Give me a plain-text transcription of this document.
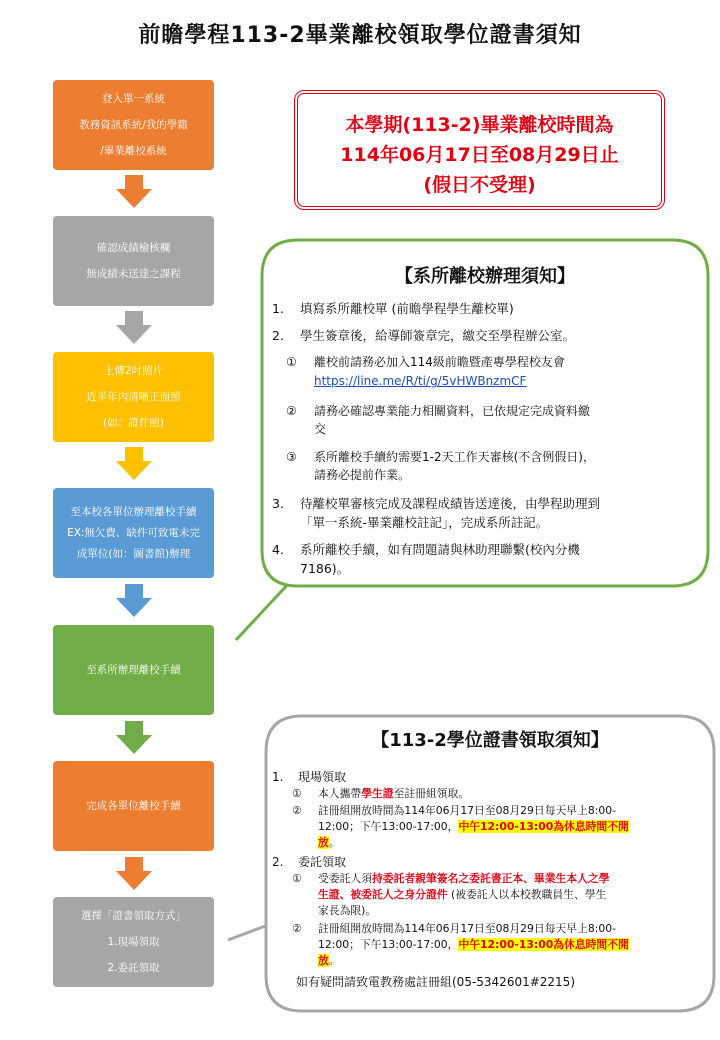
前瞻學程113-2畢業離校領取學位證書須知
登入單一系統
教務資訊系統/我的學籍
/畢業離校系統
確認成績檢核欄
無成績未送達之課程
上傳2吋照片
近半年內清晰正面照
(如：證件照)
至本校各單位辦理離校手續
EX:無欠費、缺件可致電未完
成單位(如：圖書館)辦理
至系所辦理離校手續
完成各單位離校手續
選擇「證書領取方式」
1.現場領取
2.委託領取
本學期(113-2)畢業離校時間為
114年06月17日至08月29日止
(假日不受理)
【系所離校辦理須知】
1. 填寫系所離校單 (前瞻學程學生離校單)
2. 學生簽章後，給導師簽章完，繳交至學程辦公室。
① 離校前請務必加入114級前瞻暨產專學程校友會
https://line.me/R/ti/g/5vHWBnzmCF
② 請務必確認專業能力相關資料，已依規定完成資料繳
交
③ 系所離校手續約需要1-2天工作天審核(不含例假日)，
請務必提前作業。
3. 待離校單審核完成及課程成績皆送達後，由學程助理到
「單一系統-畢業離校註記」，完成系所註記。
4. 系所離校手續，如有問題請與林助理聯繫(校內分機
7186)。
【113-2學位證書領取須知】
1. 現場領取
① 本人攜帶學生證至註冊組領取。
② 註冊組開放時間為114年06月17日至08月29日每天早上8:00-
12:00；下午13:00-17:00，中午12:00-13:00為休息時間不開
放。
2. 委託領取
① 受委託人須持委託者親筆簽名之委託書正本、畢業生本人之學
生證、被委託人之身分證件 (被委託人以本校教職員生、學生
家長為限)。
② 註冊組開放時間為114年06月17日至08月29日每天早上8:00-
12:00；下午13:00-17:00，中午12:00-13:00為休息時間不開
放。
如有疑問請致電教務處註冊組(05-5342601#2215)
